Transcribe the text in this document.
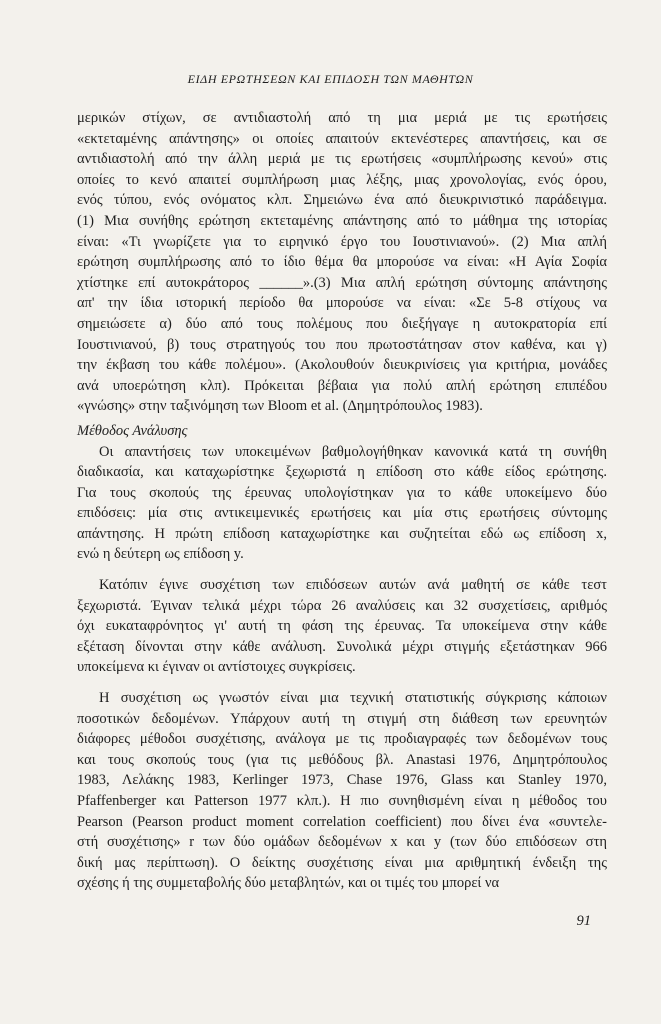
ΕΙΔΗ ΕΡΩΤΗΣΕΩΝ ΚΑΙ ΕΠΙΔΟΣΗ ΤΩΝ ΜΑΘΗΤΩΝ
μερικών στίχων, σε αντιδιαστολή από τη μια μεριά με τις ερωτήσεις
«εκτεταμένης απάντησης» οι οποίες απαιτούν εκτενέστερες απαντήσεις, και σε
αντιδιαστολή από την άλλη μεριά με τις ερωτήσεις «συμπλήρωσης κενού» στις
οποίες το κενό απαιτεί συμπλήρωση μιας λέξης, μιας χρονολογίας, ενός όρου,
ενός τύπου, ενός ονόματος κλπ. Σημειώνω ένα από διευκρινιστικό παράδειγμα.
(1) Μια συνήθης ερώτηση εκτεταμένης απάντησης από το μάθημα της ιστορίας
είναι: «Τι γνωρίζετε για το ειρηνικό έργο του Ιουστινιανού». (2) Μια απλή
ερώτηση συμπλήρωσης από το ίδιο θέμα θα μπορούσε να είναι: «Η Αγία Σοφία
χτίστηκε επί αυτοκράτορος ______».(3) Μια απλή ερώτηση σύντομης απάντησης
απ' την ίδια ιστορική περίοδο θα μπορούσε να είναι: «Σε 5-8 στίχους να
σημειώσετε α) δύο από τους πολέμους που διεξήγαγε η αυτοκρατορία επί
Ιουστινιανού, β) τους στρατηγούς του που πρωτοστάτησαν στον καθένα, και γ)
την έκβαση του κάθε πολέμου». (Ακολουθούν διευκρινίσεις για κριτήρια, μονάδες
ανά υποερώτηση κλπ). Πρόκειται βέβαια για πολύ απλή ερώτηση επιπέδου
«γνώσης» στην ταξινόμηση των Bloom et al. (Δημητρόπουλος 1983).
Μέθοδος Ανάλυσης
Οι απαντήσεις των υποκειμένων βαθμολογήθηκαν κανονικά κατά τη συνήθη
διαδικασία, και καταχωρίστηκε ξεχωριστά η επίδοση στο κάθε είδος ερώτησης.
Για τους σκοπούς της έρευνας υπολογίστηκαν για το κάθε υποκείμενο δύο
επιδόσεις: μία στις αντικειμενικές ερωτήσεις και μία στις ερωτήσεις σύντομης
απάντησης. Η πρώτη επίδοση καταχωρίστηκε και συζητείται εδώ ως επίδοση x,
ενώ η δεύτερη ως επίδοση y.
Κατόπιν έγινε συσχέτιση των επιδόσεων αυτών ανά μαθητή σε κάθε τεστ
ξεχωριστά. Έγιναν τελικά μέχρι τώρα 26 αναλύσεις και 32 συσχετίσεις, αριθμός
όχι ευκαταφρόνητος γι' αυτή τη φάση της έρευνας. Τα υποκείμενα στην κάθε
εξέταση δίνονται στην κάθε ανάλυση. Συνολικά μέχρι στιγμής εξετάστηκαν 966
υποκείμενα κι έγιναν οι αντίστοιχες συγκρίσεις.
Η συσχέτιση ως γνωστόν είναι μια τεχνική στατιστικής σύγκρισης κάποιων
ποσοτικών δεδομένων. Υπάρχουν αυτή τη στιγμή στη διάθεση των ερευνητών
διάφορες μέθοδοι συσχέτισης, ανάλογα με τις προδιαγραφές των δεδομένων τους
και τους σκοπούς τους (για τις μεθόδους βλ. Anastasi 1976, Δημητρόπουλος
1983, Λελάκης 1983, Kerlinger 1973, Chase 1976, Glass και Stanley 1970,
Pfaffenberger και Patterson 1977 κλπ.). Η πιο συνηθισμένη είναι η μέθοδος του
Pearson (Pearson product moment correlation coefficient) που δίνει ένα «συντελε-
στή συσχέτισης» r των δύο ομάδων δεδομένων x και y (των δύο επιδόσεων στη
δική μας περίπτωση). Ο δείκτης συσχέτισης είναι μια αριθμητική ένδειξη της
σχέσης ή της συμμεταβολής δύο μεταβλητών, και οι τιμές του μπορεί να
91
